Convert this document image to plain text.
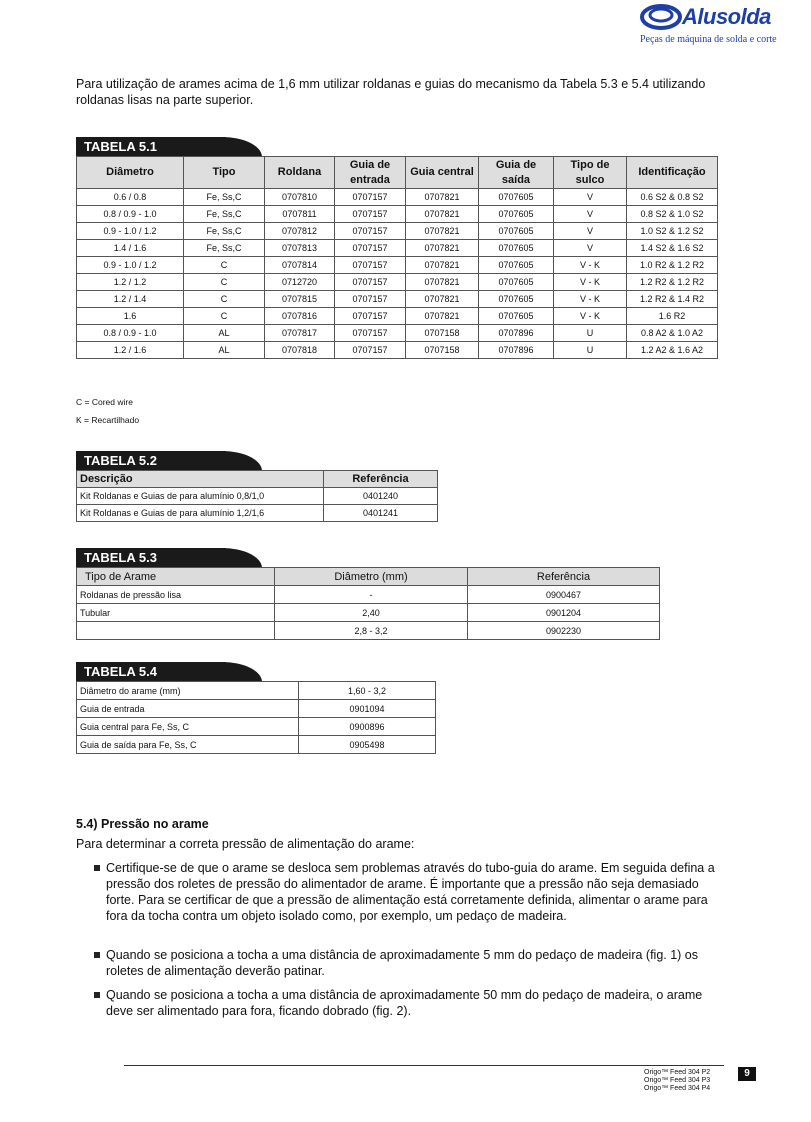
Alusolda
Peças de máquina de solda e corte
Para utilização de arames acima de 1,6 mm utilizar roldanas e guias do mecanismo da Tabela 5.3 e 5.4 utilizando roldanas lisas na parte superior.
TABELA 5.1
Diâmetro	Tipo	Roldana	Guia de entrada	Guia central	Guia de saída	Tipo de sulco	Identificação
0.6 / 0.8	Fe, Ss,C	0707810	0707157	0707821	0707605	V	0.6 S2 & 0.8 S2
0.8 / 0.9 - 1.0	Fe, Ss,C	0707811	0707157	0707821	0707605	V	0.8 S2 & 1.0 S2
0.9 - 1.0 / 1.2	Fe, Ss,C	0707812	0707157	0707821	0707605	V	1.0 S2 & 1.2 S2
1.4 / 1.6	Fe, Ss,C	0707813	0707157	0707821	0707605	V	1.4 S2 & 1.6 S2
0.9 - 1.0 / 1.2	C	0707814	0707157	0707821	0707605	V - K	1.0 R2 & 1.2 R2
1.2 / 1.2	C	0712720	0707157	0707821	0707605	V - K	1.2 R2 & 1.2 R2
1.2 / 1.4	C	0707815	0707157	0707821	0707605	V - K	1.2 R2 & 1.4 R2
1.6	C	0707816	0707157	0707821	0707605	V - K	1.6 R2
0.8 / 0.9 - 1.0	AL	0707817	0707157	0707158	0707896	U	0.8 A2 & 1.0 A2
1.2 / 1.6	AL	0707818	0707157	0707158	0707896	U	1.2 A2 & 1.6 A2
C = Cored wire
K = Recartilhado
TABELA 5.2
Descrição	Referência
Kit Roldanas e Guias de para alumínio 0,8/1,0	0401240
Kit Roldanas e Guias de para alumínio 1,2/1,6	0401241
TABELA 5.3
Tipo de Arame	Diâmetro (mm)	Referência
Roldanas de pressão lisa	-	0900467
Tubular	2,40	0901204
	2,8 - 3,2	0902230
TABELA 5.4
Diâmetro do arame (mm)	1,60 - 3,2
Guia de entrada	0901094
Guia central para Fe, Ss, C	0900896
Guia de saída para Fe, Ss, C	0905498
5.4) Pressão no arame
Para determinar a correta pressão de alimentação do arame:
Certifique-se de que o arame se desloca sem problemas através do tubo-guia do arame. Em seguida defina a pressão dos roletes de pressão do alimentador de arame. É importante que a pressão não seja demasiado forte. Para se certificar de que a pressão de alimentação está corretamente definida, alimentar o arame para fora da tocha contra um objeto isolado como, por exemplo, um pedaço de madeira.
Quando se posiciona a tocha a uma distância de aproximadamente 5 mm do pedaço de madeira (fig. 1) os roletes de alimentação deverão patinar.
Quando se posiciona a tocha a uma distância de aproximadamente 50 mm do pedaço de madeira, o arame deve ser alimentado para fora, ficando dobrado (fig. 2).
Origo™ Feed 304 P2
Origo™ Feed 304 P3
Origo™ Feed 304 P4
9
